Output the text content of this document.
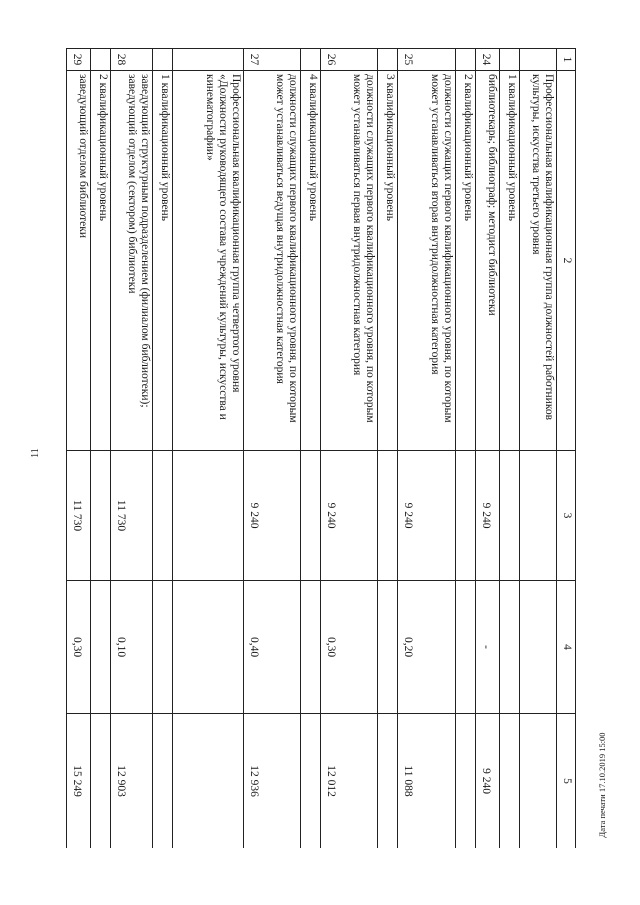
11
Дата печати 17.10.2019 15:00
1	2	3	4	5
	Профессиональная квалификационная группа должностей работников культуры, искусства третьего уровня			
	1 квалификационный уровень			
24	библиотекарь; библиограф; методист библиотеки	9 240	-	9 240
	2 квалификационный уровень			
25	должности служащих первого квалификационного уровня, по которым может устанавливаться вторая внутридолжностная категория	9 240	0,20	11 088
	3 квалификационный уровень			
26	должности служащих первого квалификационного уровня, по которым может устанавливаться первая внутридолжностная категория	9 240	0,30	12 012
	4 квалификационный уровень			
27	должности служащих первого квалификационного уровня, по которым может устанавливаться ведущая внутридолжностная категория	9 240	0,40	12 936
	Профессиональная квалификационная группа четвертого уровня «Должности руководящего состава учреждений культуры, искусства и кинематографии»			
	1 квалификационный уровень			
28	заведующий структурным подразделением (филиалом библиотеки); заведующий отделом (сектором) библиотеки	11 730	0,10	12 903
	2 квалификационный уровень			
29	заведующий отделом библиотеки	11 730	0,30	15 249
